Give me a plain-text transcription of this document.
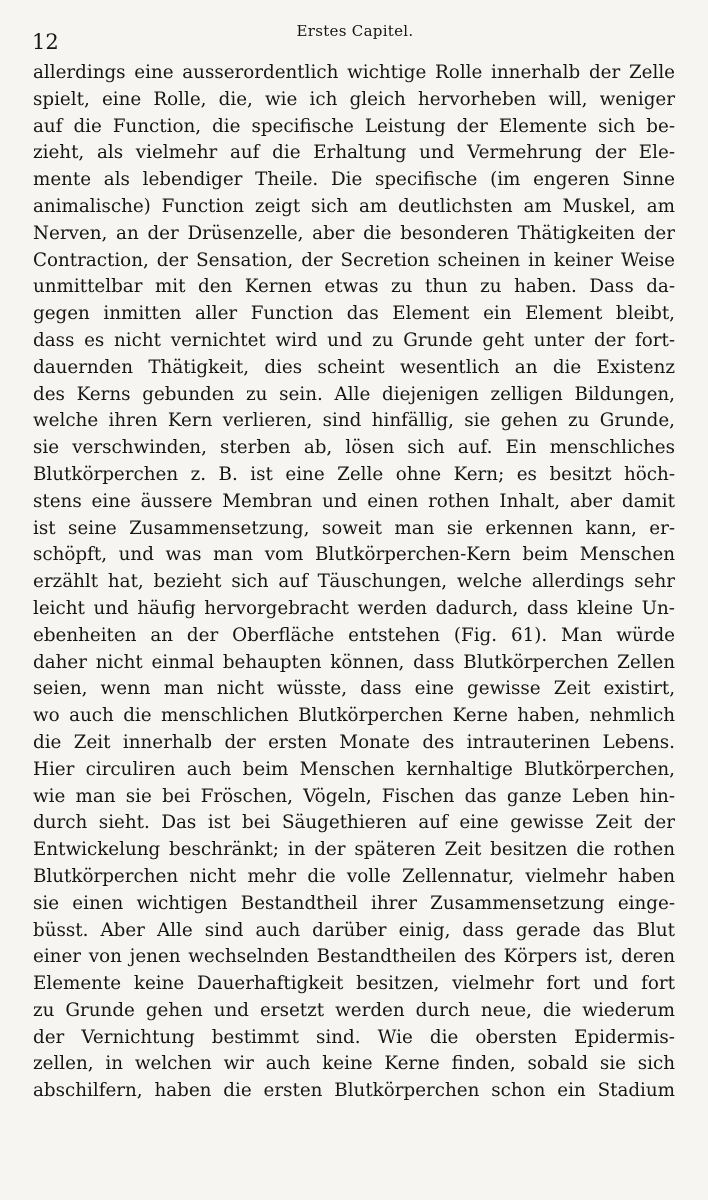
12	Erstes Capitel.
allerdings eine ausserordentlich wichtige Rolle innerhalb der Zelle
spielt, eine Rolle, die, wie ich gleich hervorheben will, weniger
auf die Function, die specifische Leistung der Elemente sich be-
zieht, als vielmehr auf die Erhaltung und Vermehrung der Ele-
mente als lebendiger Theile. Die specifische (im engeren Sinne
animalische) Function zeigt sich am deutlichsten am Muskel, am
Nerven, an der Drüsenzelle, aber die besonderen Thätigkeiten der
Contraction, der Sensation, der Secretion scheinen in keiner Weise
unmittelbar mit den Kernen etwas zu thun zu haben. Dass da-
gegen inmitten aller Function das Element ein Element bleibt,
dass es nicht vernichtet wird und zu Grunde geht unter der fort-
dauernden Thätigkeit, dies scheint wesentlich an die Existenz
des Kerns gebunden zu sein. Alle diejenigen zelligen Bildungen,
welche ihren Kern verlieren, sind hinfällig, sie gehen zu Grunde,
sie verschwinden, sterben ab, lösen sich auf. Ein menschliches
Blutkörperchen z. B. ist eine Zelle ohne Kern; es besitzt höch-
stens eine äussere Membran und einen rothen Inhalt, aber damit
ist seine Zusammensetzung, soweit man sie erkennen kann, er-
schöpft, und was man vom Blutkörperchen-Kern beim Menschen
erzählt hat, bezieht sich auf Täuschungen, welche allerdings sehr
leicht und häufig hervorgebracht werden dadurch, dass kleine Un-
ebenheiten an der Oberfläche entstehen (Fig. 61). Man würde
daher nicht einmal behaupten können, dass Blutkörperchen Zellen
seien, wenn man nicht wüsste, dass eine gewisse Zeit existirt,
wo auch die menschlichen Blutkörperchen Kerne haben, nehmlich
die Zeit innerhalb der ersten Monate des intrauterinen Lebens.
Hier circuliren auch beim Menschen kernhaltige Blutkörperchen,
wie man sie bei Fröschen, Vögeln, Fischen das ganze Leben hin-
durch sieht. Das ist bei Säugethieren auf eine gewisse Zeit der
Entwickelung beschränkt; in der späteren Zeit besitzen die rothen
Blutkörperchen nicht mehr die volle Zellennatur, vielmehr haben
sie einen wichtigen Bestandtheil ihrer Zusammensetzung einge-
büsst. Aber Alle sind auch darüber einig, dass gerade das Blut
einer von jenen wechselnden Bestandtheilen des Körpers ist, deren
Elemente keine Dauerhaftigkeit besitzen, vielmehr fort und fort
zu Grunde gehen und ersetzt werden durch neue, die wiederum
der Vernichtung bestimmt sind. Wie die obersten Epidermis-
zellen, in welchen wir auch keine Kerne finden, sobald sie sich
abschilfern, haben die ersten Blutkörperchen schon ein Stadium
